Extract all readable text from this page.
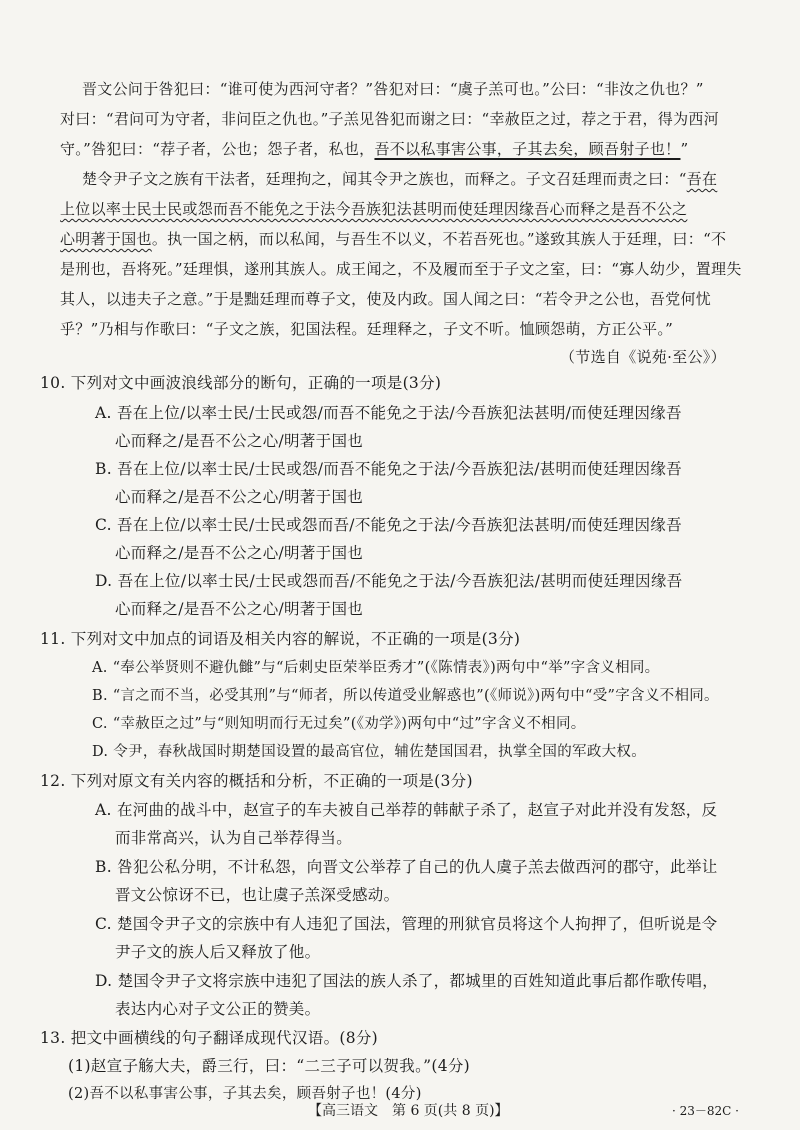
晋文公问于咎犯曰：“谁可使为西河守者？”咎犯对曰：“虞子羔可也。”公曰：“非汝之仇也？”
对曰：“君问可为守者，非问臣之仇也。”子羔见咎犯而谢之曰：“幸赦臣之过，荐之于君，得为西河
守。”咎犯曰：“荐子者，公也；怨子者，私也，吾不以私事害公事，子其去矣，顾吾射子也！”
楚令尹子文之族有干法者，廷理拘之，闻其令尹之族也，而释之。子文召廷理而责之曰：“吾在
上位以率士民士民或怨而吾不能免之于法今吾族犯法甚明而使廷理因缘吾心而释之是吾不公之
心明著于国也。执一国之柄，而以私闻，与吾生不以义，不若吾死也。”遂致其族人于廷理，曰：“不
是刑也，吾将死。”廷理惧，遂刑其族人。成王闻之，不及履而至于子文之室，曰：“寡人幼少，置理失
其人，以违夫子之意。”于是黜廷理而尊子文，使及内政。国人闻之曰：“若令尹之公也，吾党何忧
乎？”乃相与作歌曰：“子文之族，犯国法程。廷理释之，子文不听。恤顾怨萌，方正公平。”
（节选自《说苑·至公》）
10. 下列对文中画波浪线部分的断句，正确的一项是(3分)
A. 吾在上位/以率士民/士民或怨/而吾不能免之于法/今吾族犯法甚明/而使廷理因缘吾
心而释之/是吾不公之心/明著于国也
B. 吾在上位/以率士民/士民或怨/而吾不能免之于法/今吾族犯法/甚明而使廷理因缘吾
心而释之/是吾不公之心/明著于国也
C. 吾在上位/以率士民/士民或怨而吾/不能免之于法/今吾族犯法甚明/而使廷理因缘吾
心而释之/是吾不公之心/明著于国也
D. 吾在上位/以率士民/士民或怨而吾/不能免之于法/今吾族犯法/甚明而使廷理因缘吾
心而释之/是吾不公之心/明著于国也
11. 下列对文中加点的词语及相关内容的解说，不正确的一项是(3分)
A. “奉公举贤则不避仇雠”与“后刺史臣荣举臣秀才”(《陈情表》)两句中“举”字含义相同。
B. “言之而不当，必受其刑”与“师者，所以传道受业解惑也”(《师说》)两句中“受”字含义不相同。
C. “幸赦臣之过”与“则知明而行无过矣”(《劝学》)两句中“过”字含义不相同。
D. 令尹，春秋战国时期楚国设置的最高官位，辅佐楚国国君，执掌全国的军政大权。
12. 下列对原文有关内容的概括和分析，不正确的一项是(3分)
A. 在河曲的战斗中，赵宣子的车夫被自己举荐的韩献子杀了，赵宣子对此并没有发怒，反
而非常高兴，认为自己举荐得当。
B. 咎犯公私分明，不计私怨，向晋文公举荐了自己的仇人虞子羔去做西河的郡守，此举让
晋文公惊讶不已，也让虞子羔深受感动。
C. 楚国令尹子文的宗族中有人违犯了国法，管理的刑狱官员将这个人拘押了，但听说是令
尹子文的族人后又释放了他。
D. 楚国令尹子文将宗族中违犯了国法的族人杀了，都城里的百姓知道此事后都作歌传唱，
表达内心对子文公正的赞美。
13. 把文中画横线的句子翻译成现代汉语。(8分)
(1)赵宣子觞大夫，爵三行，曰：“二三子可以贺我。”(4分)
(2)吾不以私事害公事，子其去矣，顾吾射子也！(4分)
【高三语文　第 6 页(共 8 页)】	· 23－82C ·
